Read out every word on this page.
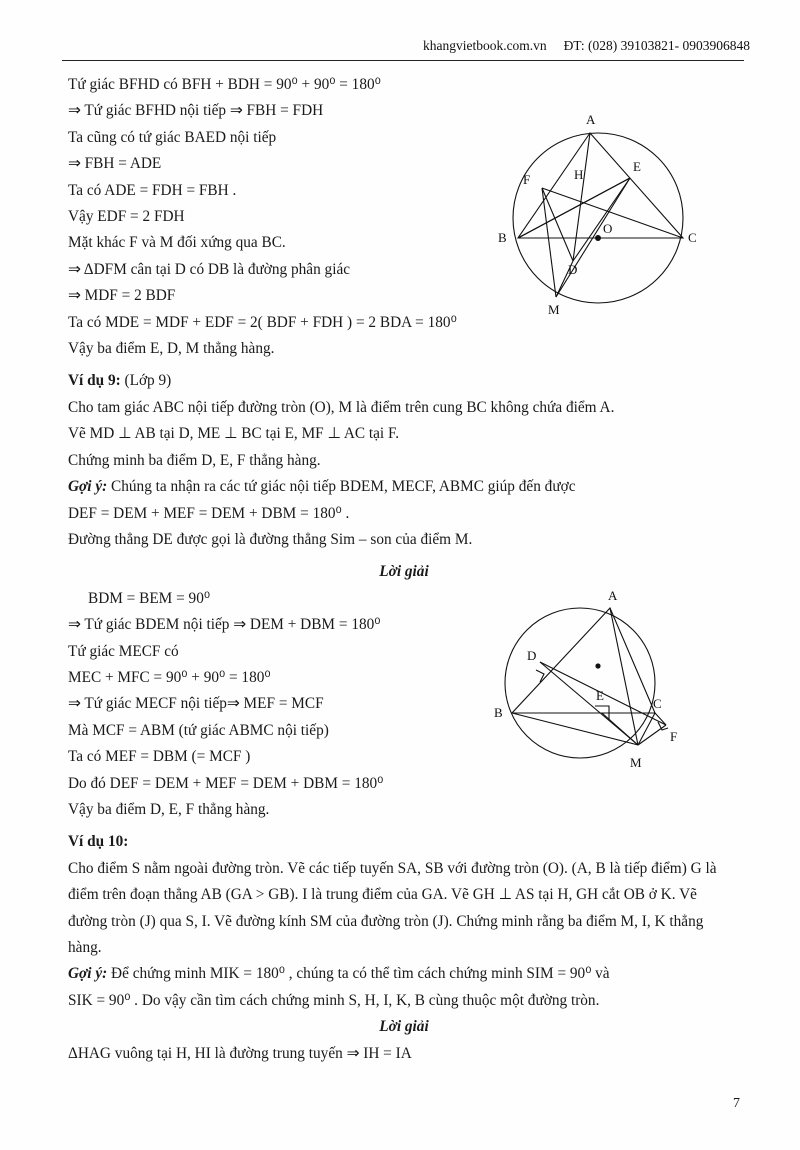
khangvietbook.com.vn ĐT: (028) 39103821- 0903906848
Tứ giác BFHD có BFH + BDH = 90⁰ + 90⁰ = 180⁰
⇒ Tứ giác BFHD nội tiếp ⇒ FBH = FDH
Ta cũng có tứ giác BAED nội tiếp
⇒ FBH = ADE
Ta có ADE = FDH = FBH .
Vậy EDF = 2 FDH
Mặt khác F và M đối xứng qua BC.
⇒ ΔDFM cân tại D có DB là đường phân giác
⇒ MDF = 2 BDF
Ta có MDE = MDF + EDF = 2( BDF + FDH ) = 2 BDA = 180⁰
Vậy ba điểm E, D, M thẳng hàng.
Ví dụ 9: (Lớp 9)
Cho tam giác ABC nội tiếp đường tròn (O), M là điểm trên cung BC không chứa điểm A.
Vẽ MD ⊥ AB tại D, ME ⊥ BC tại E, MF ⊥ AC tại F.
Chứng minh ba điểm D, E, F thẳng hàng.
Gợi ý: Chúng ta nhận ra các tứ giác nội tiếp BDEM, MECF, ABMC giúp đến được
DEF = DEM + MEF = DEM + DBM = 180⁰ .
Đường thẳng DE được gọi là đường thẳng Sim – son của điểm M.
Lời giải
BDM = BEM = 90⁰
⇒ Tứ giác BDEM nội tiếp ⇒ DEM + DBM = 180⁰
Tứ giác MECF có
MEC + MFC = 90⁰ + 90⁰ = 180⁰
⇒ Tứ giác MECF nội tiếp⇒ MEF = MCF
Mà MCF = ABM (tứ giác ABMC nội tiếp)
Ta có MEF = DBM (= MCF )
Do đó DEF = DEM + MEF = DEM + DBM = 180⁰
Vậy ba điểm D, E, F thẳng hàng.
Ví dụ 10:
Cho điểm S nằm ngoài đường tròn. Vẽ các tiếp tuyến SA, SB với đường tròn (O). (A, B là tiếp điểm) G là điểm trên đoạn thẳng AB (GA > GB). I là trung điểm của GA. Vẽ GH ⊥ AS tại H, GH cắt OB ở K. Vẽ đường tròn (J) qua S, I. Vẽ đường kính SM của đường tròn (J). Chứng minh rằng ba điểm M, I, K thẳng hàng.
Gợi ý: Để chứng minh MIK = 180⁰ , chúng ta có thể tìm cách chứng minh SIM = 90⁰ và
SIK = 90⁰ . Do vậy cần tìm cách chứng minh S, H, I, K, B cùng thuộc một đường tròn.
Lời giải
ΔHAG vuông tại H, HI là đường trung tuyến ⇒ IH = IA
A
E
F	H
B
O
D
C
M
A
D
E
B
C
F
M
7
